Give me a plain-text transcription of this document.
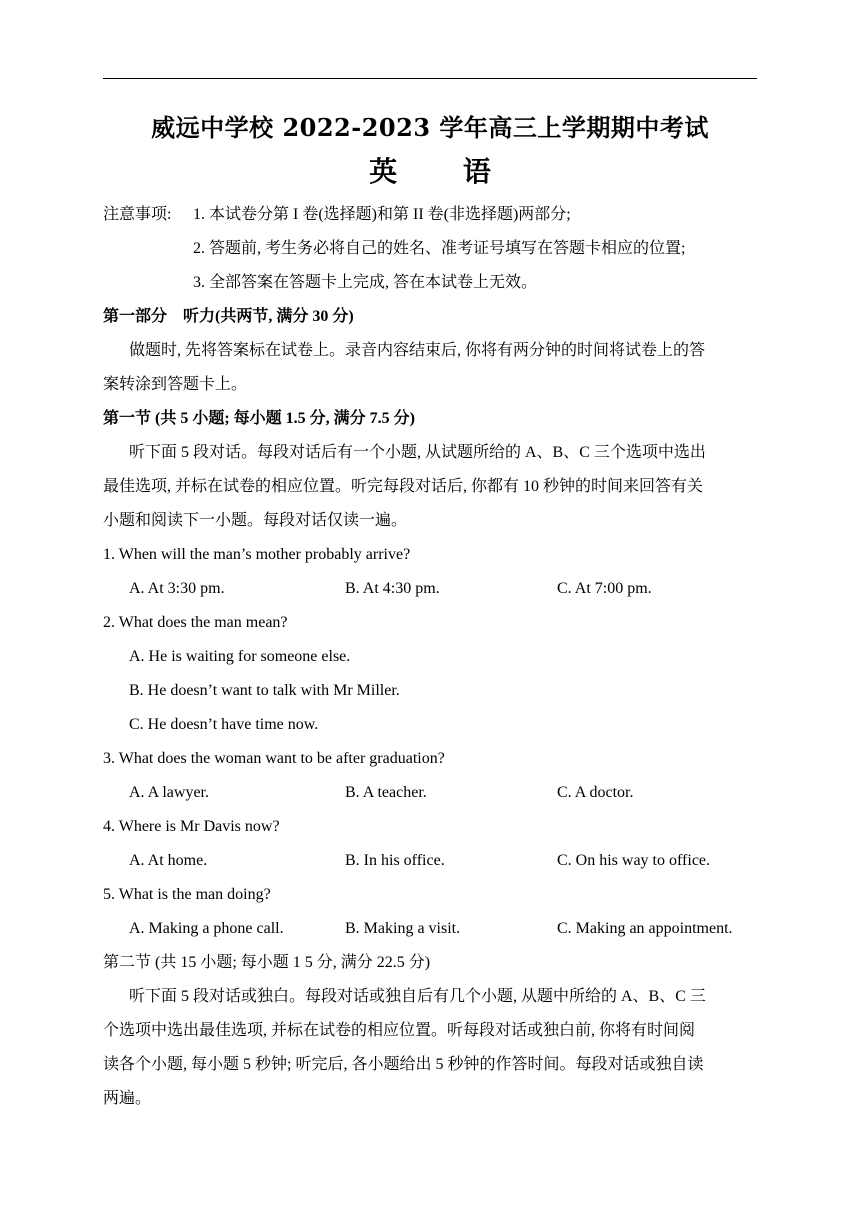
威远中学校 2022-2023 学年高三上学期期中考试
英 语
注意事项:	1. 本试卷分第 I 卷(选择题)和第 II 卷(非选择题)两部分;
2. 答题前, 考生务必将自己的姓名、准考证号填写在答题卡相应的位置;
3. 全部答案在答题卡上完成, 答在本试卷上无效。
第一部分　听力(共两节, 满分 30 分)
做题时, 先将答案标在试卷上。录音内容结束后, 你将有两分钟的时间将试卷上的答
案转涂到答题卡上。
第一节 (共 5 小题; 每小题 1.5 分, 满分 7.5 分)
听下面 5 段对话。每段对话后有一个小题, 从试题所给的 A、B、C 三个选项中选出
最佳选项, 并标在试卷的相应位置。听完每段对话后, 你都有 10 秒钟的时间来回答有关
小题和阅读下一小题。每段对话仅读一遍。
1. When will the man’s mother probably arrive?
A. At 3:30 pm.	B. At 4:30 pm.	C. At 7:00 pm.
2. What does the man mean?
A. He is waiting for someone else.
B. He doesn’t want to talk with Mr Miller.
C. He doesn’t have time now.
3. What does the woman want to be after graduation?
A. A lawyer.	B. A teacher.	C. A doctor.
4. Where is Mr Davis now?
A. At home.	B. In his office.	C. On his way to office.
5. What is the man doing?
A. Making a phone call.	B. Making a visit.	C. Making an appointment.
第二节 (共 15 小题; 每小题 1 5 分, 满分 22.5 分)
听下面 5 段对话或独白。每段对话或独自后有几个小题, 从题中所给的 A、B、C 三
个选项中选出最佳选项, 并标在试卷的相应位置。听每段对话或独白前, 你将有时间阅
读各个小题, 每小题 5 秒钟; 听完后, 各小题给出 5 秒钟的作答时间。每段对话或独自读
两遍。
